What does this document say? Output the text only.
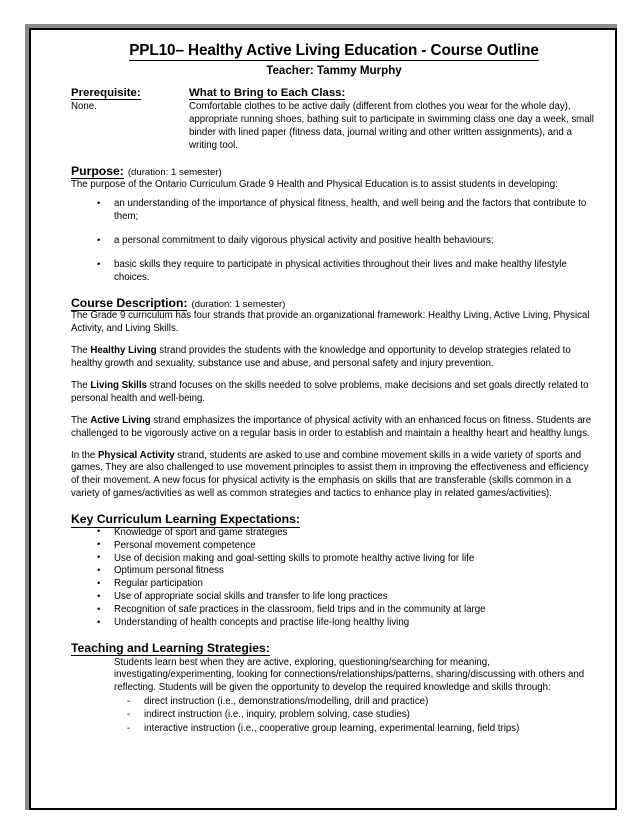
PPL10– Healthy Active Living Education - Course Outline
Teacher: Tammy Murphy
Prerequisite:
None.
What to Bring to Each Class:
Comfortable clothes to be active daily (different from clothes you wear for the whole day), appropriate running shoes, bathing suit to participate in swimming class one day a week, small binder with lined paper (fitness data, journal writing and other written assignments), and a writing tool.
Purpose: (duration: 1 semester)
The purpose of the Ontario Curriculum Grade 9 Health and Physical Education is to assist students in developing:
• an understanding of the importance of physical fitness, health, and well being and the factors that contribute to them;
• a personal commitment to daily vigorous physical activity and positive health behaviours;
• basic skills they require to participate in physical activities throughout their lives and make healthy lifestyle choices.
Course Description: (duration: 1 semester)

The Grade 9 curriculum has four strands that provide an organizational framework: Healthy Living, Active Living, Physical Activity, and Living Skills.

The Healthy Living strand provides the students with the knowledge and opportunity to develop strategies related to healthy growth and sexuality, substance use and abuse, and personal safety and injury prevention.

The Living Skills strand focuses on the skills needed to solve problems, make decisions and set goals directly related to personal health and well-being.

The Active Living strand emphasizes the importance of physical activity with an enhanced focus on fitness. Students are challenged to be vigorously active on a regular basis in order to establish and maintain a healthy heart and healthy lungs.

In the Physical Activity strand, students are asked to use and combine movement skills in a wide variety of sports and games. They are also challenged to use movement principles to assist them in improving the effectiveness and efficiency of their movement. A new focus for physical activity is the emphasis on skills that are transferable (skills common in a variety of games/activities as well as common strategies and tactics to enhance play in related games/activities).

Key Curriculum Learning Expectations:
• Knowledge of sport and game strategies
• Personal movement competence
• Use of decision making and goal-setting skills to promote healthy active living for life
• Optimum personal fitness
• Regular participation
• Use of appropriate social skills and transfer to life long practices
• Recognition of safe practices in the classroom, field trips and in the community at large
• Understanding of health concepts and practise life-long healthy living
Teaching and Learning Strategies:
Students learn best when they are active, exploring, questioning/searching for meaning, investigating/experimenting, looking for connections/relationships/patterns, sharing/discussing with others and reflecting. Students will be given the opportunity to develop the required knowledge and skills through:
- direct instruction (i.e., demonstrations/modelling, drill and practice)
- indirect instruction (i.e., inquiry, problem solving, case studies)
- interactive instruction (i.e., cooperative group learning, experimental learning, field trips)
